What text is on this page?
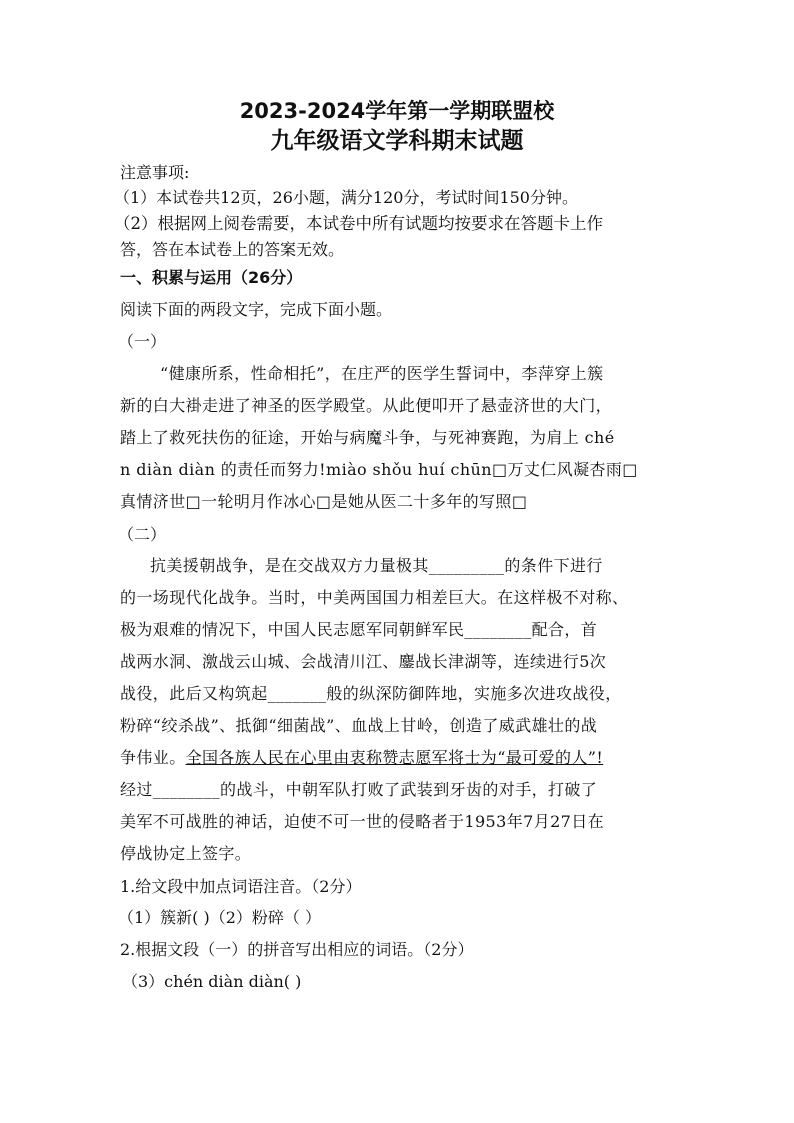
2023-2024学年第一学期联盟校
九年级语文学科期末试题
注意事项:
（1）本试卷共12页，26小题，满分120分，考试时间150分钟。
（2）根据网上阅卷需要，本试卷中所有试题均按要求在答题卡上作
答，答在本试卷上的答案无效。
一、积累与运用（26分）
阅读下面的两段文字，完成下面小题。
（一）
“健康所系，性命相托”，在庄严的医学生誓词中，李萍穿上簇
新的白大褂走进了神圣的医学殿堂。从此便叩开了悬壶济世的大门，
踏上了救死扶伤的征途，开始与病魔斗争，与死神赛跑，为肩上 ché
n diàn diàn 的责任而努力!miào shǒu huí chūn□万丈仁风凝杏雨□
真情济世□一轮明月作冰心□是她从医二十多年的写照□
（二）
抗美援朝战争，是在交战双方力量极其_________的条件下进行
的一场现代化战争。当时，中美两国国力相差巨大。在这样极不对称、
极为艰难的情况下，中国人民志愿军同朝鲜军民________配合，首
战两水洞、激战云山城、会战清川江、鏖战长津湖等，连续进行5次
战役，此后又构筑起_______般的纵深防御阵地，实施多次进攻战役，
粉碎“绞杀战”、抵御“细菌战”、血战上甘岭，创造了威武雄壮的战
争伟业。全国各族人民在心里由衷称赞志愿军将士为“最可爱的人”!
经过________的战斗，中朝军队打败了武装到牙齿的对手，打破了
美军不可战胜的神话，迫使不可一世的侵略者于1953年7月27日在
停战协定上签字。
1.给文段中加点词语注音。（2分）
（1）簇新( )（2）粉碎（ ）
2.根据文段（一）的拼音写出相应的词语。（2分）
（3）chén diàn diàn( )
